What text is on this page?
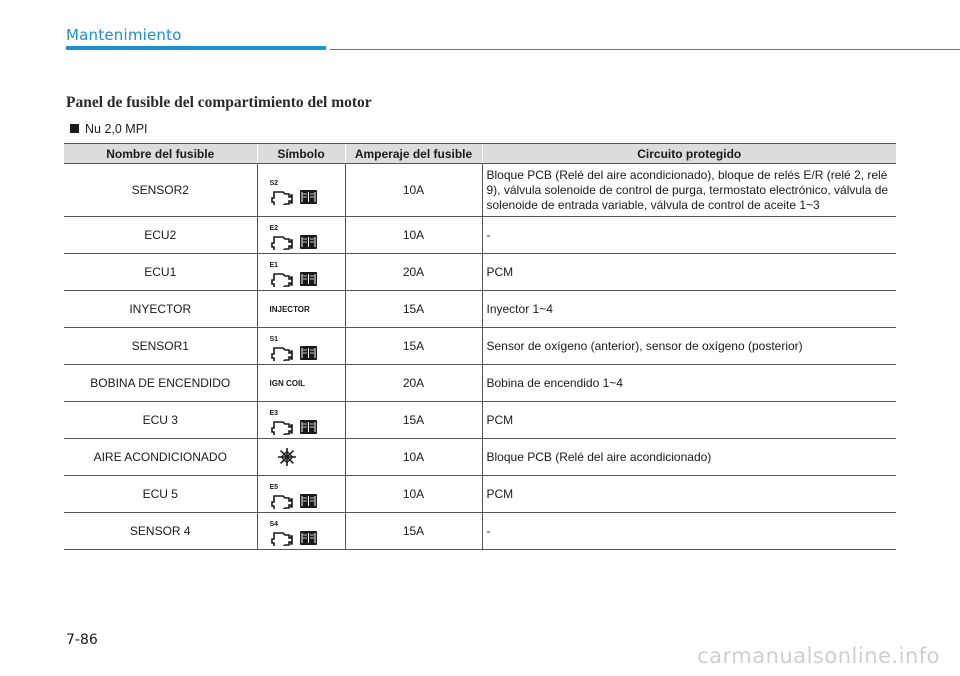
Mantenimiento
Panel de fusible del compartimiento del motor
Nu 2,0 MPI
Nombre del fusible	Símbolo	Amperaje del fusible	Circuito protegido
SENSOR2	S2	10A	Bloque PCB (Relé del aire acondicionado), bloque de relés E/R (relé 2, relé 9), válvula solenoide de control de purga, termostato electrónico, válvula de solenoide de entrada variable, válvula de control de aceite 1~3
ECU2	E2	10A	-
ECU1	E1	20A	PCM
INYECTOR	INJECTOR	15A	Inyector 1~4
SENSOR1	S1	15A	Sensor de oxígeno (anterior), sensor de oxígeno (posterior)
BOBINA DE ENCENDIDO	IGN COIL	20A	Bobina de encendido 1~4
ECU 3	E3	15A	PCM
AIRE ACONDICIONADO		10A	Bloque PCB (Relé del aire acondicionado)
ECU 5	E5	10A	PCM
SENSOR 4	S4	15A	-
7-86
carmanualsonline.info
